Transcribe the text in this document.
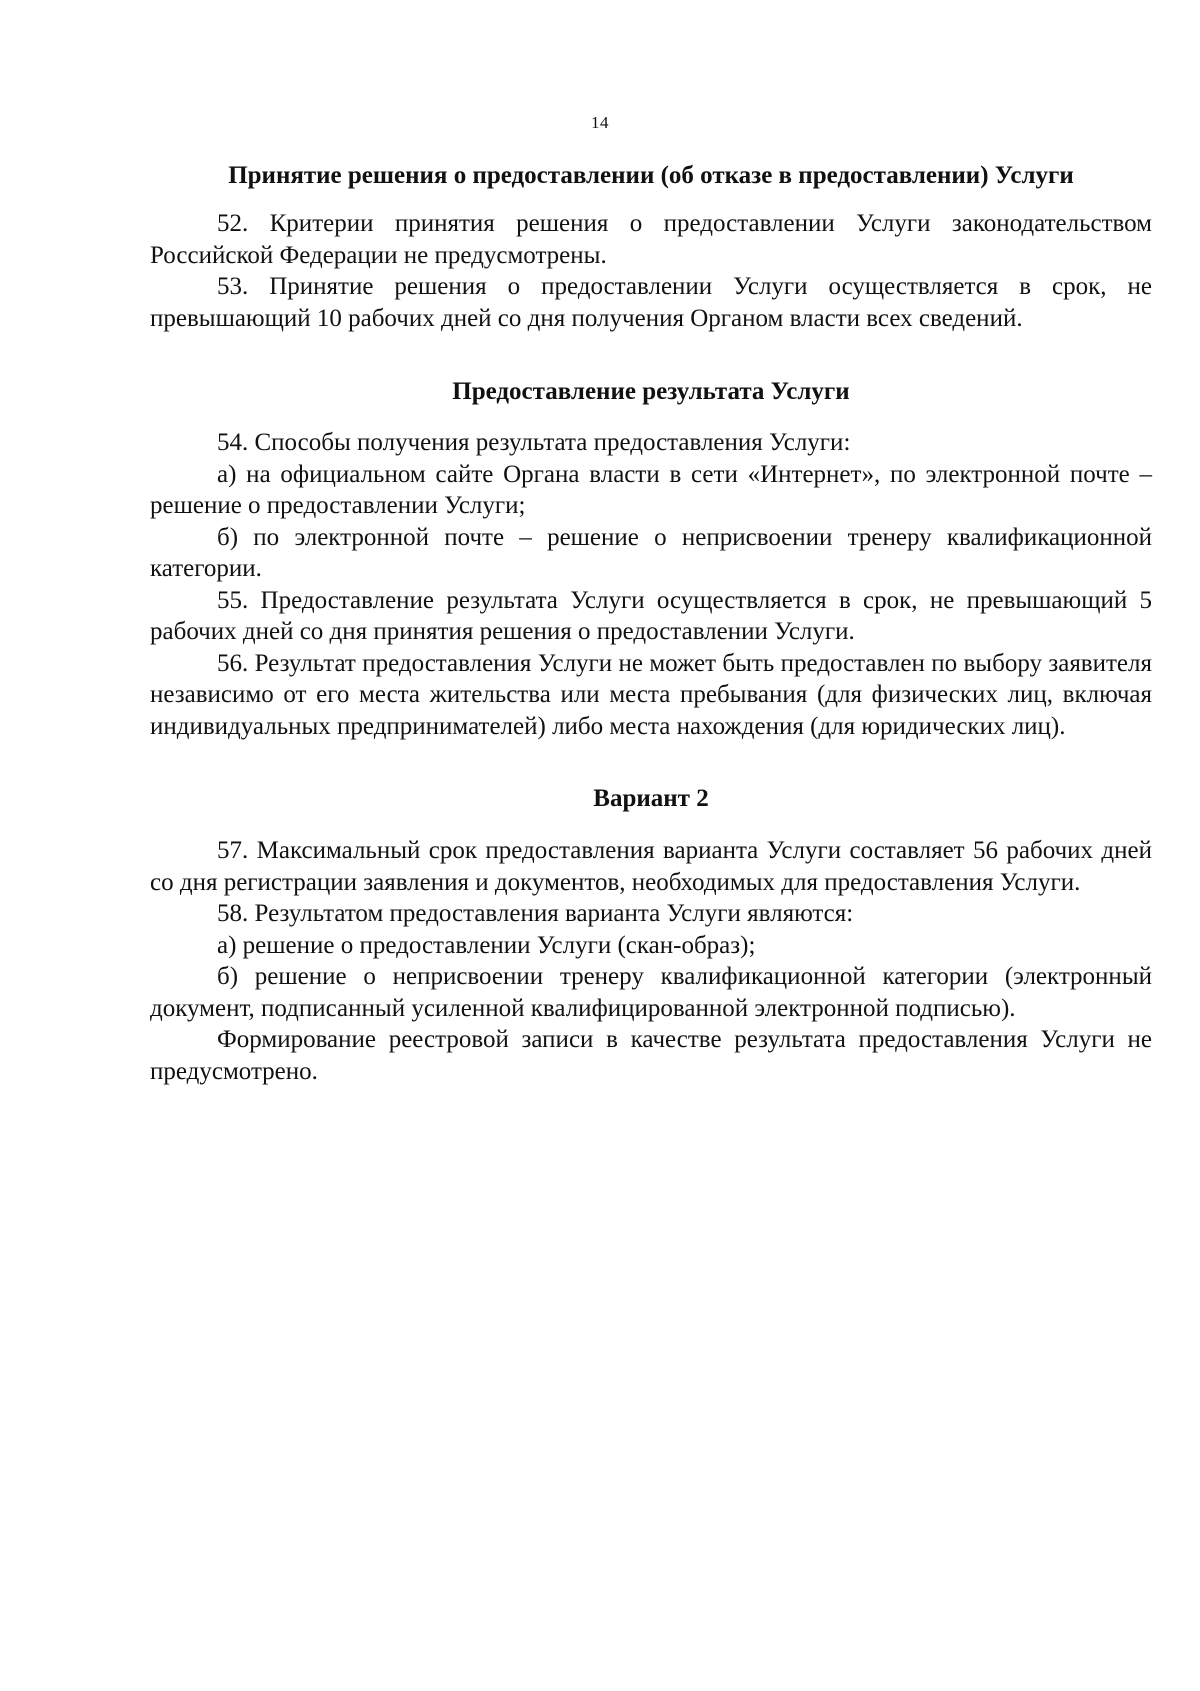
14
Принятие решения о предоставлении (об отказе в предоставлении) Услуги

52. Критерии принятия решения о предоставлении Услуги законодательством Российской Федерации не предусмотрены.

53. Принятие решения о предоставлении Услуги осуществляется в срок, не превышающий 10 рабочих дней со дня получения Органом власти всех сведений.

Предоставление результата Услуги

54. Способы получения результата предоставления Услуги:

а) на официальном сайте Органа власти в сети «Интернет», по электронной почте – решение о предоставлении Услуги;

б) по электронной почте – решение о неприсвоении тренеру квалификационной категории.

55. Предоставление результата Услуги осуществляется в срок, не превышающий 5 рабочих дней со дня принятия решения о предоставлении Услуги.

56. Результат предоставления Услуги не может быть предоставлен по выбору заявителя независимо от его места жительства или места пребывания (для физических лиц, включая индивидуальных предпринимателей) либо места нахождения (для юридических лиц).

Вариант 2

57. Максимальный срок предоставления варианта Услуги составляет 56 рабочих дней со дня регистрации заявления и документов, необходимых для предоставления Услуги.

58. Результатом предоставления варианта Услуги являются:

а) решение о предоставлении Услуги (скан-образ);

б) решение о неприсвоении тренеру квалификационной категории (электронный документ, подписанный усиленной квалифицированной электронной подписью).

Формирование реестровой записи в качестве результата предоставления Услуги не предусмотрено.
